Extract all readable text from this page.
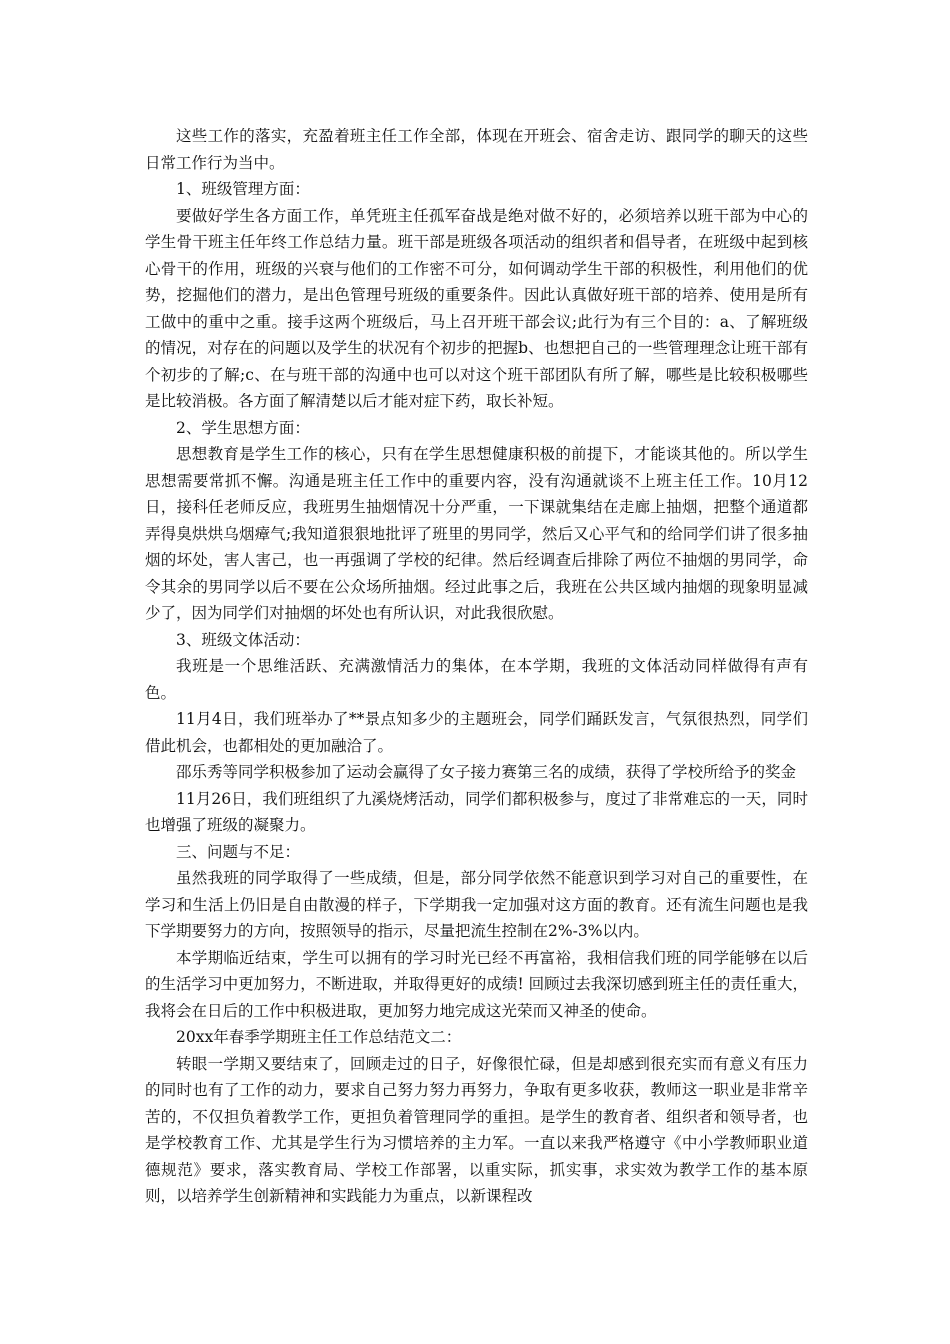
这些工作的落实，充盈着班主任工作全部，体现在开班会、宿舍走访、跟同学的聊天的这些日常工作行为当中。

1、班级管理方面：

要做好学生各方面工作，单凭班主任孤军奋战是绝对做不好的，必须培养以班干部为中心的学生骨干班主任年终工作总结力量。班干部是班级各项活动的组织者和倡导者，在班级中起到核心骨干的作用，班级的兴衰与他们的工作密不可分，如何调动学生干部的积极性，利用他们的优势，挖掘他们的潜力，是出色管理号班级的重要条件。因此认真做好班干部的培养、使用是所有工做中的重中之重。接手这两个班级后，马上召开班干部会议;此行为有三个目的：a、了解班级的情况，对存在的问题以及学生的状况有个初步的把握b、也想把自己的一些管理理念让班干部有个初步的了解;c、在与班干部的沟通中也可以对这个班干部团队有所了解，哪些是比较积极哪些是比较消极。各方面了解清楚以后才能对症下药，取长补短。

2、学生思想方面：

思想教育是学生工作的核心，只有在学生思想健康积极的前提下，才能谈其他的。所以学生思想需要常抓不懈。沟通是班主任工作中的重要内容，没有沟通就谈不上班主任工作。10月12日，接科任老师反应，我班男生抽烟情况十分严重，一下课就集结在走廊上抽烟，把整个通道都弄得臭烘烘乌烟瘴气;我知道狠狠地批评了班里的男同学，然后又心平气和的给同学们讲了很多抽烟的坏处，害人害己，也一再强调了学校的纪律。然后经调查后排除了两位不抽烟的男同学，命令其余的男同学以后不要在公众场所抽烟。经过此事之后，我班在公共区域内抽烟的现象明显减少了，因为同学们对抽烟的坏处也有所认识，对此我很欣慰。

3、班级文体活动：

我班是一个思维活跃、充满激情活力的集体，在本学期，我班的文体活动同样做得有声有色。

11月4日，我们班举办了**景点知多少的主题班会，同学们踊跃发言，气氛很热烈，同学们借此机会，也都相处的更加融洽了。

邵乐秀等同学积极参加了运动会赢得了女子接力赛第三名的成绩，获得了学校所给予的奖金

11月26日，我们班组织了九溪烧烤活动，同学们都积极参与，度过了非常难忘的一天，同时也增强了班级的凝聚力。

三、问题与不足：

虽然我班的同学取得了一些成绩，但是，部分同学依然不能意识到学习对自己的重要性，在学习和生活上仍旧是自由散漫的样子，下学期我一定加强对这方面的教育。还有流生问题也是我下学期要努力的方向，按照领导的指示，尽量把流生控制在2%-3%以内。

本学期临近结束，学生可以拥有的学习时光已经不再富裕，我相信我们班的同学能够在以后的生活学习中更加努力，不断进取，并取得更好的成绩! 回顾过去我深切感到班主任的责任重大，我将会在日后的工作中积极进取，更加努力地完成这光荣而又神圣的使命。

20xx年春季学期班主任工作总结范文二：

转眼一学期又要结束了，回顾走过的日子，好像很忙碌，但是却感到很充实而有意义有压力的同时也有了工作的动力，要求自己努力努力再努力，争取有更多收获，教师这一职业是非常辛苦的，不仅担负着教学工作，更担负着管理同学的重担。是学生的教育者、组织者和领导者，也是学校教育工作、尤其是学生行为习惯培养的主力军。一直以来我严格遵守《中小学教师职业道德规范》要求，落实教育局、学校工作部署，以重实际，抓实事，求实效为教学工作的基本原则，以培养学生创新精神和实践能力为重点，以新课程改
